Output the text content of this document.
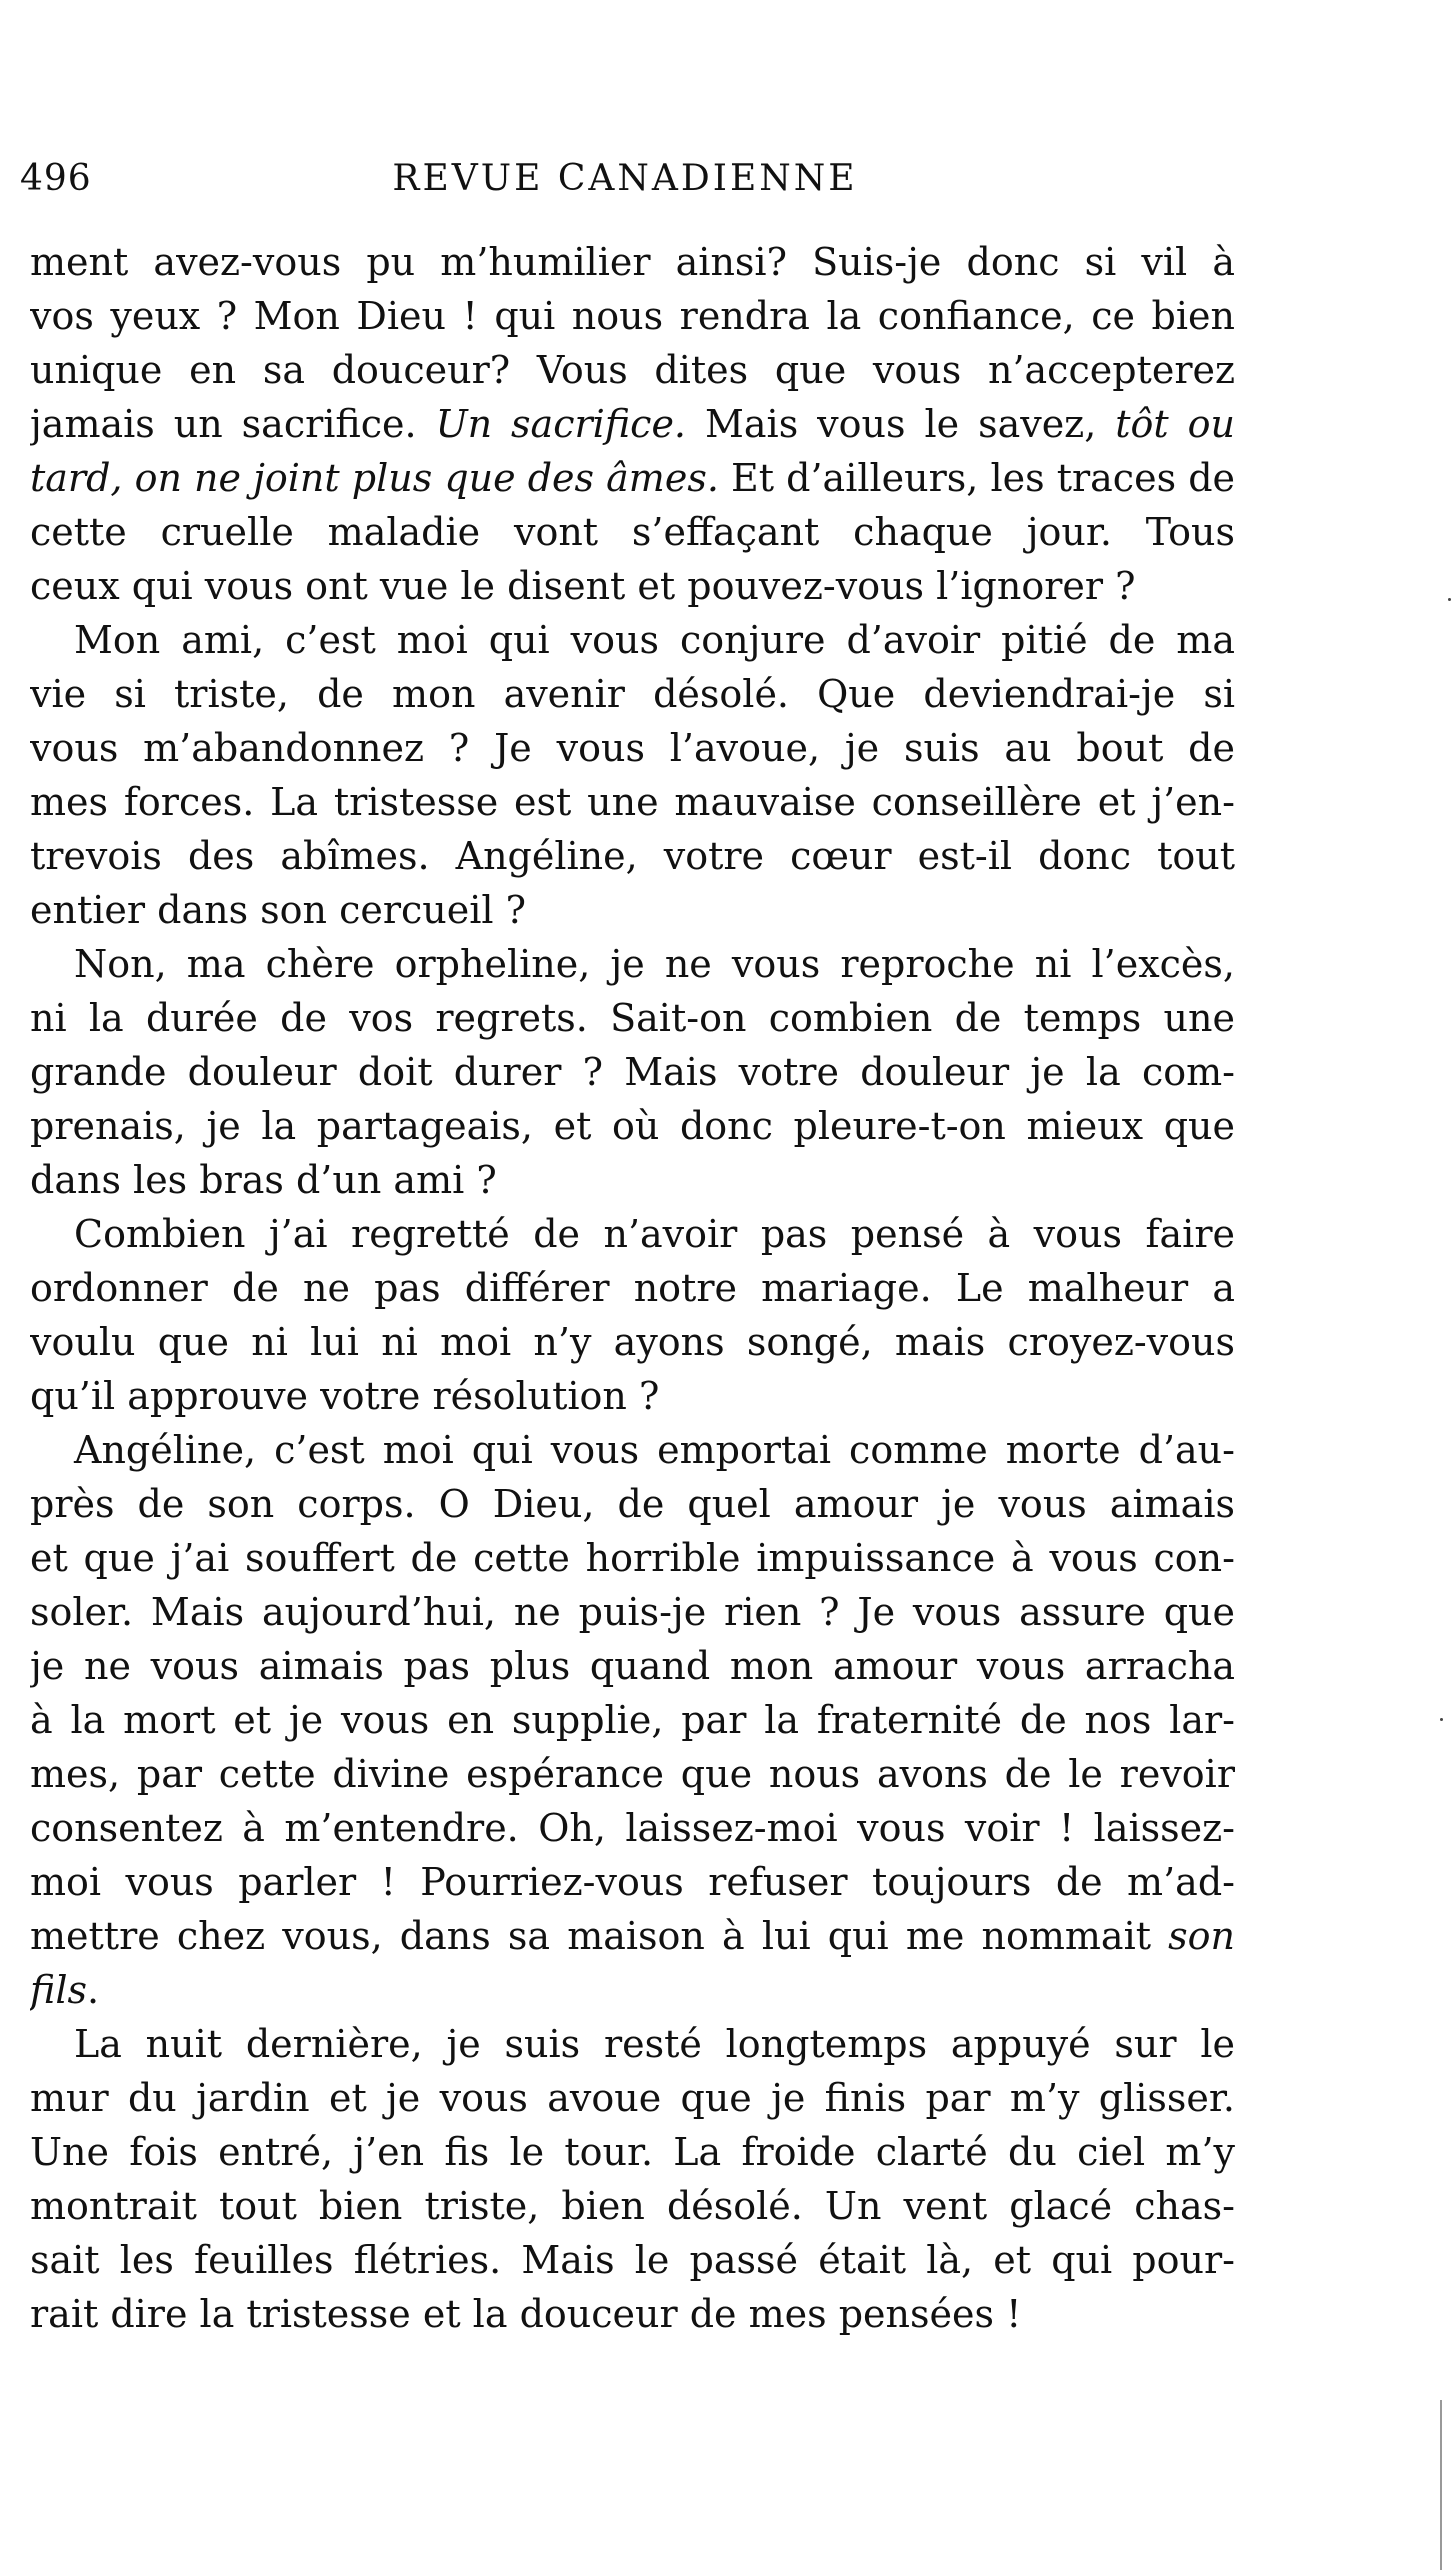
496	REVUE CANADIENNE
ment avez-vous pu m’humilier ainsi? Suis-je donc si vil à
vos yeux ? Mon Dieu ! qui nous rendra la confiance, ce bien
unique en sa douceur? Vous dites que vous n’accepterez
jamais un sacrifice. Un sacrifice. Mais vous le savez, tôt ou
tard, on ne joint plus que des âmes. Et d’ailleurs, les traces de
cette cruelle maladie vont s’effaçant chaque jour. Tous
ceux qui vous ont vue le disent et pouvez-vous l’ignorer ?
Mon ami, c’est moi qui vous conjure d’avoir pitié de ma
vie si triste, de mon avenir désolé. Que deviendrai-je si
vous m’abandonnez ? Je vous l’avoue, je suis au bout de
mes forces. La tristesse est une mauvaise conseillère et j’en-
trevois des abîmes. Angéline, votre cœur est-il donc tout
entier dans son cercueil ?
Non, ma chère orpheline, je ne vous reproche ni l’excès,
ni la durée de vos regrets. Sait-on combien de temps une
grande douleur doit durer ? Mais votre douleur je la com-
prenais, je la partageais, et où donc pleure-t-on mieux que
dans les bras d’un ami ?
Combien j’ai regretté de n’avoir pas pensé à vous faire
ordonner de ne pas différer notre mariage. Le malheur a
voulu que ni lui ni moi n’y ayons songé, mais croyez-vous
qu’il approuve votre résolution ?
Angéline, c’est moi qui vous emportai comme morte d’au-
près de son corps. O Dieu, de quel amour je vous aimais
et que j’ai souffert de cette horrible impuissance à vous con-
soler. Mais aujourd’hui, ne puis-je rien ? Je vous assure que
je ne vous aimais pas plus quand mon amour vous arracha
à la mort et je vous en supplie, par la fraternité de nos lar-
mes, par cette divine espérance que nous avons de le revoir
consentez à m’entendre. Oh, laissez-moi vous voir ! laissez-
moi vous parler ! Pourriez-vous refuser toujours de m’ad-
mettre chez vous, dans sa maison à lui qui me nommait son
fils.
La nuit dernière, je suis resté longtemps appuyé sur le
mur du jardin et je vous avoue que je finis par m’y glisser.
Une fois entré, j’en fis le tour. La froide clarté du ciel m’y
montrait tout bien triste, bien désolé. Un vent glacé chas-
sait les feuilles flétries. Mais le passé était là, et qui pour-
rait dire la tristesse et la douceur de mes pensées !
